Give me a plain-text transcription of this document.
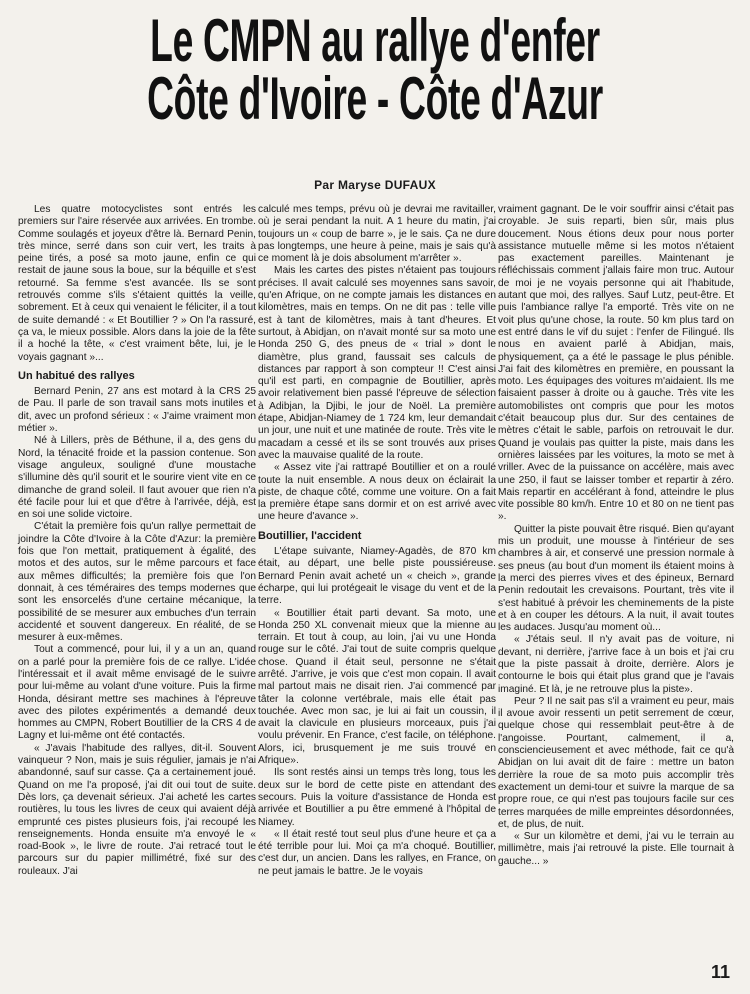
Le CMPN au rallye d'enfer
Côte d'Ivoire - Côte d'Azur
Par Maryse DUFAUX

Les quatre motocyclistes sont entrés les premiers sur l'aire réservée aux arrivées. En trombe. Comme soulagés et joyeux d'être là. Bernard Penin, très mince, serré dans son cuir vert, les traits à peine tirés, a posé sa moto jaune, enfin ce qui restait de jaune sous la boue, sur la béquille et s'est retourné. Sa femme s'est avancée. Ils se sont retrouvés comme s'ils s'étaient quittés la veille, sobrement. Et à ceux qui venaient le féliciter, il a tout de suite demandé : « Et Boutillier ? » On l'a rassuré, ça va, le mieux possible. Alors dans la joie de la fête il a hoché la tête, « c'est vraiment bête, lui, je le voyais gagnant »...

Un habitué des rallyes

Bernard Penin, 27 ans est motard à la CRS 25 de Pau. Il parle de son travail sans mots inutiles et dit, avec un profond sérieux : « J'aime vraiment mon métier ».

Né à Lillers, près de Béthune, il a, des gens du Nord, la ténacité froide et la passion contenue. Son visage anguleux, souligné d'une moustache s'illumine dès qu'il sourit et le sourire vient vite en ce dimanche de grand soleil. Il faut avouer que rien n'a été facile pour lui et que d'être à l'arrivée, déjà, est en soi une solide victoire.

C'était la première fois qu'un rallye permettait de joindre la Côte d'Ivoire à la Côte d'Azur: la première fois que l'on mettait, pratiquement à égalité, des motos et des autos, sur le même parcours et face aux mêmes difficultés; la première fois que l'on donnait, à ces téméraires des temps modernes que sont les ensorcelés d'une certaine mécanique, la possibilité de se mesurer aux embuches d'un terrain accidenté et souvent dangereux. En réalité, de se mesurer à eux-mêmes.

Tout a commencé, pour lui, il y a un an, quand on a parlé pour la première fois de ce rallye. L'idée l'intéressait et il avait même envisagé de le suivre pour lui-même au volant d'une voiture. Puis la firme Honda, désirant mettre ses machines à l'épreuve avec des pilotes expérimentés a demandé deux hommes au CMPN, Robert Boutillier de la CRS 4 de Lagny et lui-même ont été contactés.

« J'avais l'habitude des rallyes, dit-il. Souvent vainqueur ? Non, mais je suis régulier, jamais je n'ai abandonné, sauf sur casse. Ça a certainement joué. Quand on me l'a proposé, j'ai dit oui tout de suite. Dès lors, ça devenait sérieux. J'ai acheté les cartes routières, lu tous les livres de ceux qui avaient déjà emprunté ces pistes plusieurs fois, j'ai recoupé les renseignements. Honda ensuite m'a envoyé le « road-Book », le livre de route. J'ai retracé tout le parcours sur du papier millimétré, fixé sur des rouleaux. J'ai

calculé mes temps, prévu où je devrai me ravitailler, où je serai pendant la nuit. A 1 heure du matin, j'ai toujours un « coup de barre », je le sais. Ça ne dure pas longtemps, une heure à peine, mais je sais qu'à ce moment là je dois absolument m'arrêter ».

Mais les cartes des pistes n'étaient pas toujours précises. Il avait calculé ses moyennes sans savoir, qu'en Afrique, on ne compte jamais les distances en kilomètres, mais en temps. On ne dit pas : telle ville est à tant de kilomètres, mais à tant d'heures. Et surtout, à Abidjan, on n'avait monté sur sa moto une Honda 250 G, des pneus de « trial » dont le diamètre, plus grand, faussait ses calculs de distances par rapport à son compteur !! C'est ainsi qu'il est parti, en compagnie de Boutillier, après avoir relativement bien passé l'épreuve de sélection à Adibjan, la Djibi, le jour de Noël. La première étape, Abidjan-Niamey de 1 724 km, leur demandait un jour, une nuit et une matinée de route. Très vite le macadam a cessé et ils se sont trouvés aux prises avec la mauvaise qualité de la route.

« Assez vite j'ai rattrapé Boutillier et on a roulé toute la nuit ensemble. A nous deux on éclairait la piste, de chaque côté, comme une voiture. On a fait la première étape sans dormir et on est arrivé avec une heure d'avance ».

Boutillier, l'accident

L'étape suivante, Niamey-Agadès, de 870 km était, au départ, une belle piste poussiéreuse. Bernard Penin avait acheté un « cheich », grande écharpe, qui lui protégeait le visage du vent et de la terre.

« Boutillier était parti devant. Sa moto, une Honda 250 XL convenait mieux que la mienne au terrain. Et tout à coup, au loin, j'ai vu une Honda rouge sur le côté. J'ai tout de suite compris quelque chose. Quand il était seul, personne ne s'était arrêté. J'arrive, je vois que c'est mon copain. Il avait mal partout mais ne disait rien. J'ai commencé par tâter la colonne vertébrale, mais elle était pas touchée. Avec mon sac, je lui ai fait un coussin, il avait la clavicule en plusieurs morceaux, puis j'ai voulu prévenir. En France, c'est facile, on téléphone. Alors, ici, brusquement je me suis trouvé en Afrique».

Ils sont restés ainsi un temps très long, tous les deux sur le bord de cette piste en attendant des secours. Puis la voiture d'assistance de Honda est arrivée et Boutillier a pu être emmené à l'hôpital de Niamey.

« Il était resté tout seul plus d'une heure et ça a été terrible pour lui. Moi ça m'a choqué. Boutillier, c'est dur, un ancien. Dans les rallyes, en France, on ne peut jamais le battre. Je le voyais

vraiment gagnant. De le voir souffrir ainsi c'était pas croyable. Je suis reparti, bien sûr, mais plus doucement. Nous étions deux pour nous porter assistance mutuelle même si les motos n'étaient pas exactement pareilles. Maintenant je réfléchissais comment j'allais faire mon truc. Autour de moi je ne voyais personne qui ait l'habitude, autant que moi, des rallyes. Sauf Lutz, peut-être. Et puis l'ambiance rallye l'a emporté. Très vite on ne voit plus qu'une chose, la route. 50 km plus tard on est entré dans le vif du sujet : l'enfer de Filingué. Ils nous en avaient parlé à Abidjan, mais, physiquement, ça a été le passage le plus pénible. J'ai fait des kilomètres en première, en poussant la moto. Les équipages des voitures m'aidaient. Ils me faisaient passer à droite ou à gauche. Très vite les automobilistes ont compris que pour les motos c'était beaucoup plus dur. Sur des centaines de mètres c'était le sable, parfois on retrouvait le dur. Quand je voulais pas quitter la piste, mais dans les ornières laissées par les voitures, la moto se met à vriller. Avec de la puissance on accélère, mais avec une 250, il faut se laisser tomber et repartir à zéro. Mais repartir en accélérant à fond, atteindre le plus vite possible 80 km/h. Entre 10 et 80 on ne tient pas ».

Quitter la piste pouvait être risqué. Bien qu'ayant mis un produit, une mousse à l'intérieur de ses chambres à air, et conservé une pression normale à ses pneus (au bout d'un moment ils étaient moins à la merci des pierres vives et des épineux, Bernard Penin redoutait les crevaisons. Pourtant, très vite il s'est habitué à prévoir les cheminements de la piste et à en couper les détours. A la nuit, il avait toutes les audaces. Jusqu'au moment où...

« J'étais seul. Il n'y avait pas de voiture, ni devant, ni derrière, j'arrive face à un bois et j'ai cru que la piste passait à droite, derrière. Alors je contourne le bois qui était plus grand que je l'avais imaginé. Et là, je ne retrouve plus la piste».

Peur ? Il ne sait pas s'il a vraiment eu peur, mais il avoue avoir ressenti un petit serrement de cœur, quelque chose qui ressemblait peut-être à de l'angoisse. Pourtant, calmement, il a, consciencieusement et avec méthode, fait ce qu'à Abidjan on lui avait dit de faire : mettre un baton derrière la roue de sa moto puis accomplir très exactement un demi-tour et suivre la marque de sa propre roue, ce qui n'est pas toujours facile sur ces terres marquées de mille empreintes désordonnées, et, de plus, de nuit.

« Sur un kilomètre et demi, j'ai vu le terrain au millimètre, mais j'ai retrouvé la piste. Elle tournait à gauche... »

11
